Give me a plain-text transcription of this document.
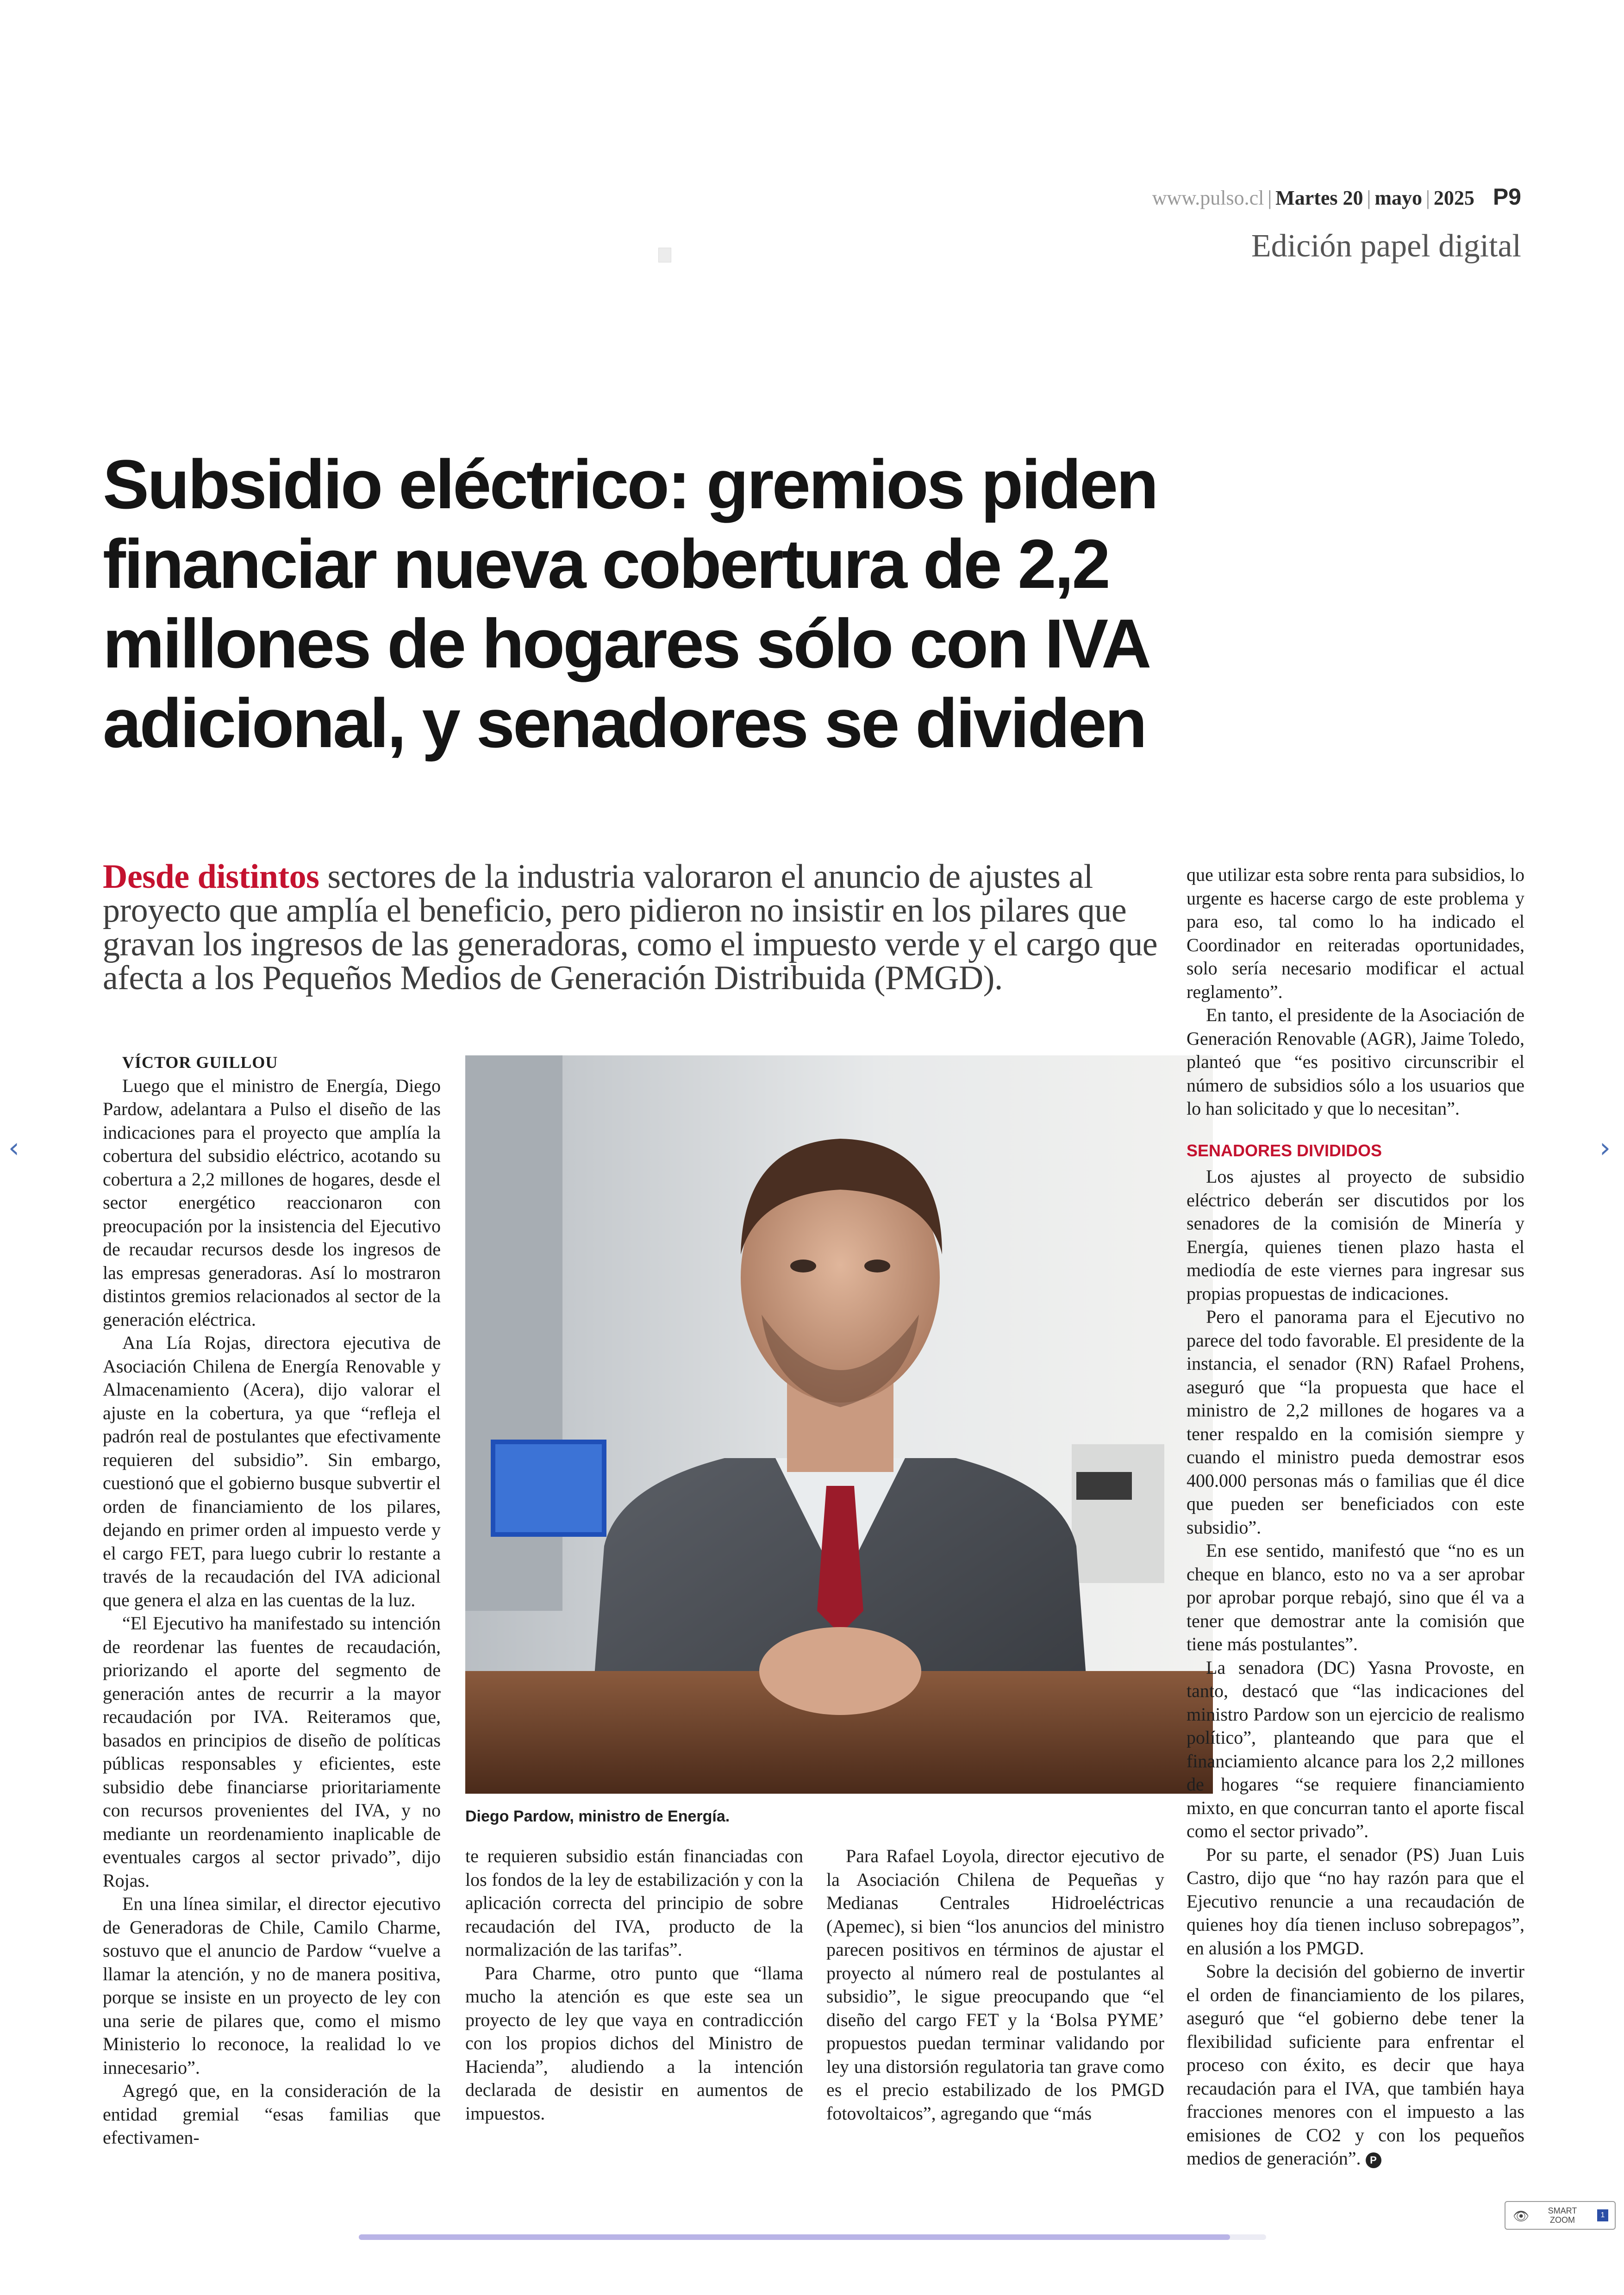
www.pulso.cl | Martes 20 | mayo | 2025 P9
Edición papel digital
Subsidio eléctrico: gremios piden financiar nueva cobertura de 2,2 millones de hogares sólo con IVA adicional, y senadores se dividen

Desde distintos sectores de la industria valoraron el anuncio de ajustes al proyecto que amplía el beneficio, pero pidieron no insistir en los pilares que gravan los ingresos de las generadoras, como el impuesto verde y el cargo que afecta a los Pequeños Medios de Generación Distribuida (PMGD).

VÍCTOR GUILLOU

Luego que el ministro de Energía, Diego Pardow, adelantara a Pulso el diseño de las indicaciones para el proyecto que amplía la cobertura del subsidio eléctrico, acotando su cobertura a 2,2 millones de hogares, desde el sector energético reaccionaron con preocupación por la insistencia del Ejecutivo de recaudar recursos desde los ingresos de las empresas generadoras. Así lo mostraron distintos gremios relacionados al sector de la generación eléctrica.

Ana Lía Rojas, directora ejecutiva de Asociación Chilena de Energía Renovable y Almacenamiento (Acera), dijo valorar el ajuste en la cobertura, ya que “refleja el padrón real de postulantes que efectivamente requieren del subsidio”. Sin embargo, cuestionó que el gobierno busque subvertir el orden de financiamiento de los pilares, dejando en primer orden al impuesto verde y el cargo FET, para luego cubrir lo restante a través de la recaudación del IVA adicional que genera el alza en las cuentas de la luz.

“El Ejecutivo ha manifestado su intención de reordenar las fuentes de recaudación, priorizando el aporte del segmento de generación antes de recurrir a la mayor recaudación por IVA. Reiteramos que, basados en principios de diseño de políticas públicas responsables y eficientes, este subsidio debe financiarse prioritariamente con recursos provenientes del IVA, y no mediante un reordenamiento inaplicable de eventuales cargos al sector privado”, dijo Rojas.

En una línea similar, el director ejecutivo de Generadoras de Chile, Camilo Charme, sostuvo que el anuncio de Pardow “vuelve a llamar la atención, y no de manera positiva, porque se insiste en un proyecto de ley con una serie de pilares que, como el mismo Ministerio lo reconoce, la realidad lo ve innecesario”.

Agregó que, en la consideración de la entidad gremial “esas familias que efectivamen-

Diego Pardow, ministro de Energía.

te requieren subsidio están financiadas con los fondos de la ley de estabilización y con la aplicación correcta del principio de sobre recaudación del IVA, producto de la normalización de las tarifas”.

Para Charme, otro punto que “llama mucho la atención es que este sea un proyecto de ley que vaya en contradicción con los propios dichos del Ministro de Hacienda”, aludiendo a la intención declarada de desistir en aumentos de impuestos.

Para Rafael Loyola, director ejecutivo de la Asociación Chilena de Pequeñas y Medianas Centrales Hidroeléctricas (Apemec), si bien “los anuncios del ministro parecen positivos en términos de ajustar el proyecto al número real de postulantes al subsidio”, le sigue preocupando que “el diseño del cargo FET y la ‘Bolsa PYME’ propuestos puedan terminar validando por ley una distorsión regulatoria tan grave como es el precio estabilizado de los PMGD fotovoltaicos”, agregando que “más

que utilizar esta sobre renta para subsidios, lo urgente es hacerse cargo de este problema y para eso, tal como lo ha indicado el Coordinador en reiteradas oportunidades, solo sería necesario modificar el actual reglamento”.

En tanto, el presidente de la Asociación de Generación Renovable (AGR), Jaime Toledo, planteó que “es positivo circunscribir el número de subsidios sólo a los usuarios que lo han solicitado y que lo necesitan”.

SENADORES DIVIDIDOS

Los ajustes al proyecto de subsidio eléctrico deberán ser discutidos por los senadores de la comisión de Minería y Energía, quienes tienen plazo hasta el mediodía de este viernes para ingresar sus propias propuestas de indicaciones.

Pero el panorama para el Ejecutivo no parece del todo favorable. El presidente de la instancia, el senador (RN) Rafael Prohens, aseguró que “la propuesta que hace el ministro de 2,2 millones de hogares va a tener respaldo en la comisión siempre y cuando el ministro pueda demostrar esos 400.000 personas más o familias que él dice que pueden ser beneficiados con este subsidio”.

En ese sentido, manifestó que “no es un cheque en blanco, esto no va a ser aprobar por aprobar porque rebajó, sino que él va a tener que demostrar ante la comisión que tiene más postulantes”.

La senadora (DC) Yasna Provoste, en tanto, destacó que “las indicaciones del ministro Pardow son un ejercicio de realismo político”, planteando que para que el financiamiento alcance para los 2,2 millones de hogares “se requiere financiamiento mixto, en que concurran tanto el aporte fiscal como el sector privado”.

Por su parte, el senador (PS) Juan Luis Castro, dijo que “no hay razón para que el Ejecutivo renuncie a una recaudación de quienes hoy día tienen incluso sobrepagos”, en alusión a los PMGD.

Sobre la decisión del gobierno de invertir el orden de financiamiento de los pilares, aseguró que “el gobierno debe tener la flexibilidad suficiente para enfrentar el proceso con éxito, es decir que haya recaudación para el IVA, que también haya fracciones menores con el impuesto a las emisiones de CO2 y con los pequeños medios de generación”. P

‹	›
👁	SMART
ZOOM
1
